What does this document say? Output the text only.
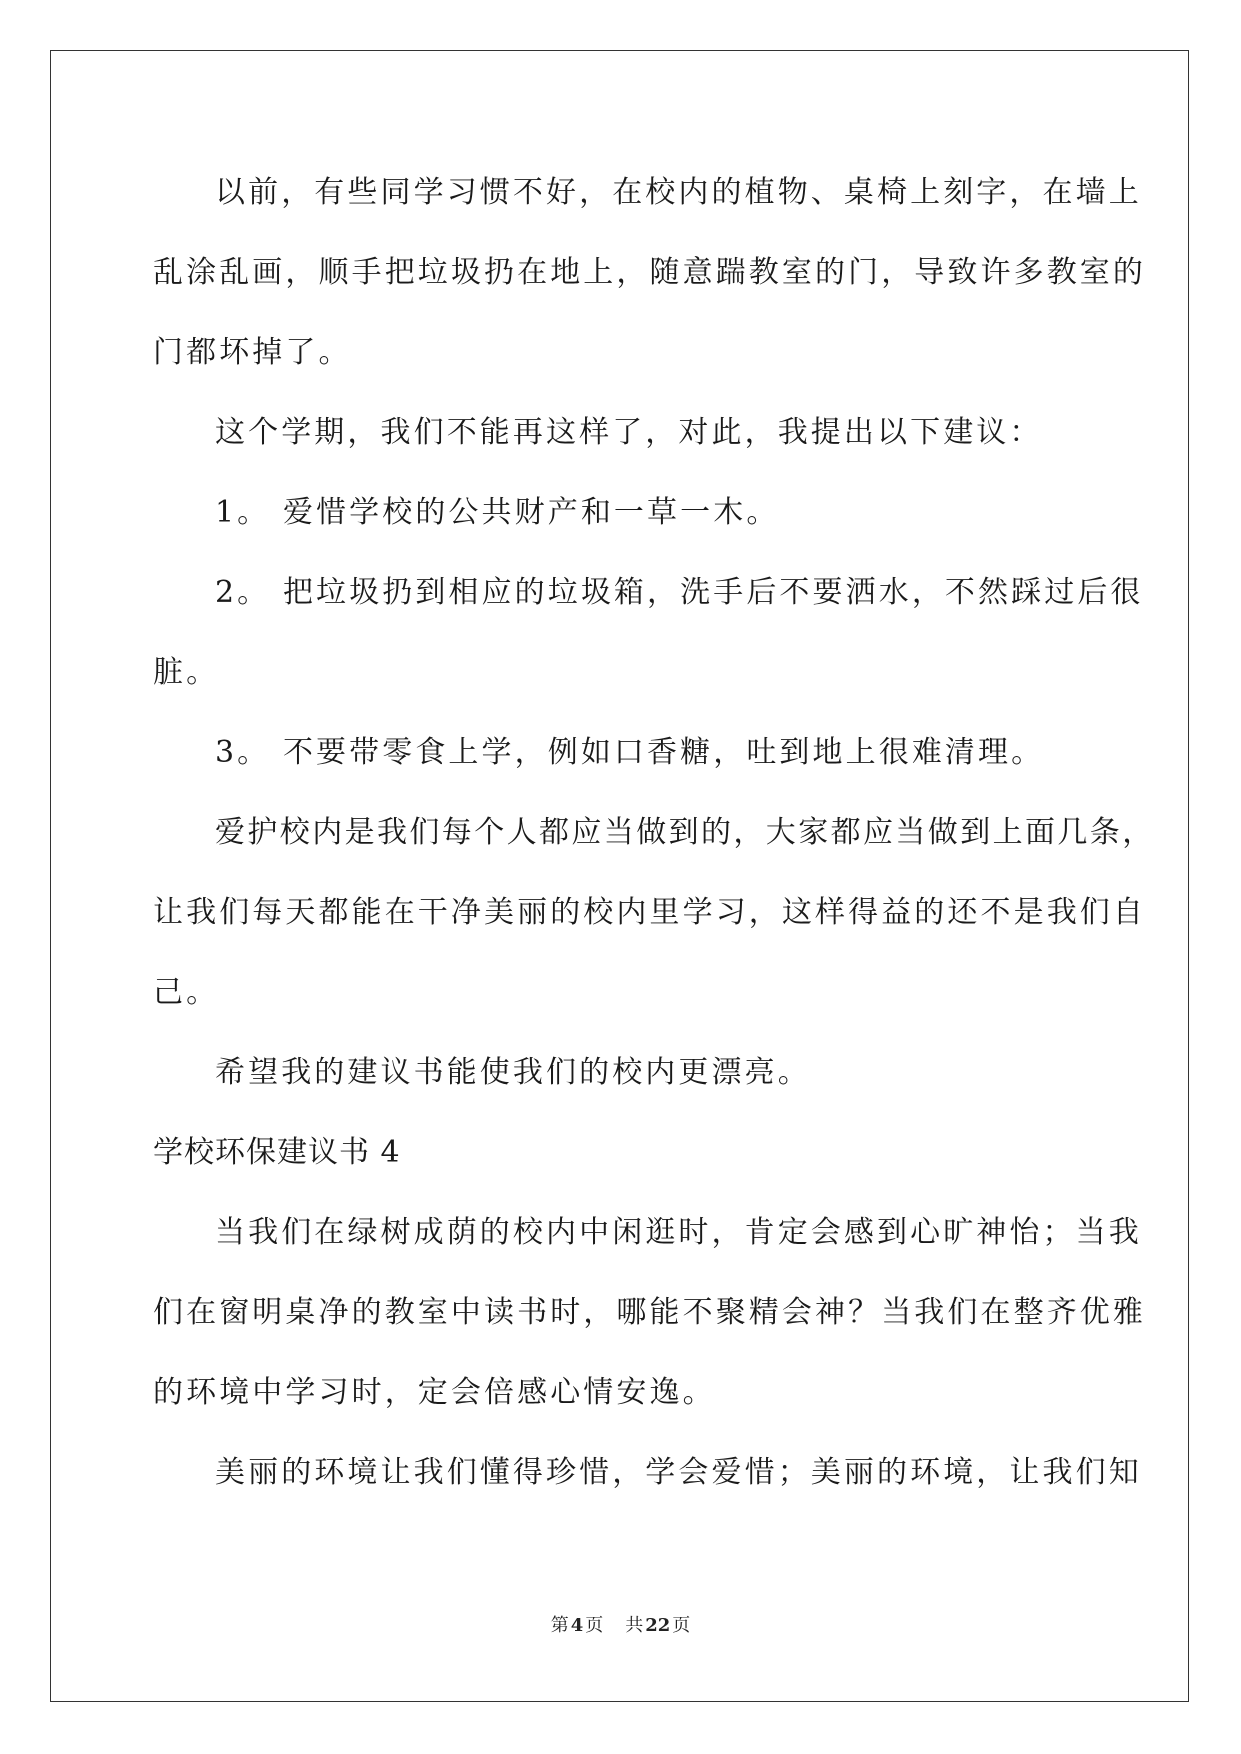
以前，有些同学习惯不好，在校内的植物、桌椅上刻字，在墙上
乱涂乱画，顺手把垃圾扔在地上，随意踹教室的门，导致许多教室的
门都坏掉了。
这个学期，我们不能再这样了，对此，我提出以下建议：
1。 爱惜学校的公共财产和一草一木。
2。 把垃圾扔到相应的垃圾箱，洗手后不要洒水，不然踩过后很
脏。
3。 不要带零食上学，例如口香糖，吐到地上很难清理。
爱护校内是我们每个人都应当做到的，大家都应当做到上面几条，
让我们每天都能在干净美丽的校内里学习，这样得益的还不是我们自
己。
希望我的建议书能使我们的校内更漂亮。
学校环保建议书 4
当我们在绿树成荫的校内中闲逛时，肯定会感到心旷神怡；当我
们在窗明桌净的教室中读书时，哪能不聚精会神？当我们在整齐优雅
的环境中学习时，定会倍感心情安逸。
美丽的环境让我们懂得珍惜，学会爱惜；美丽的环境，让我们知
第 4 页 共 22 页
